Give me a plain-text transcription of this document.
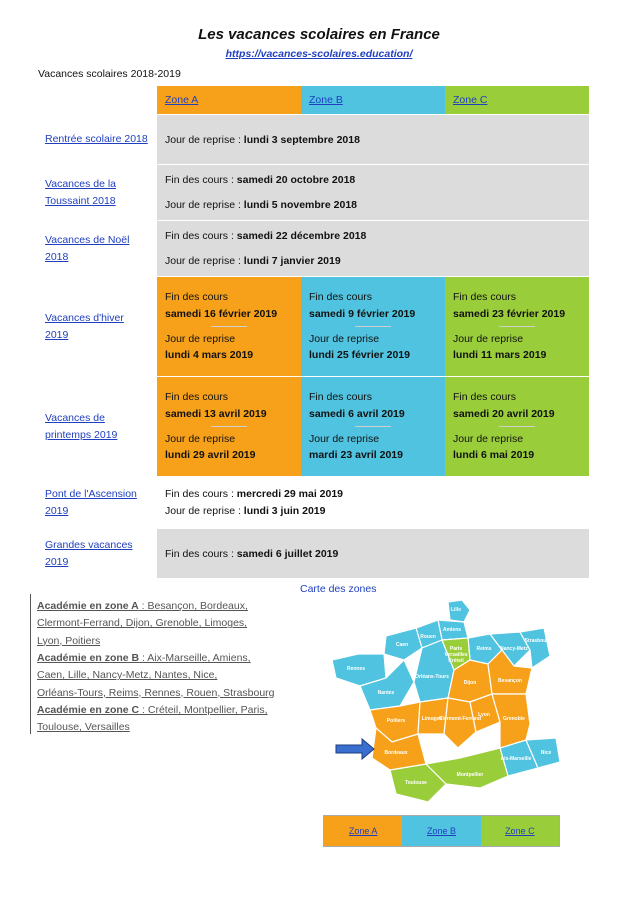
Les vacances scolaires en France
https://vacances-scolaires.education/
Vacances scolaires 2018-2019
	Zone A	Zone B	Zone C
Rentrée scolaire 2018	Jour de reprise : lundi 3 septembre 2018		
Vacances de la Toussaint 2018	Fin des cours : samedi 20 octobre 2018
Jour de reprise : lundi 5 novembre 2018		

Vacances de Noël 2018	Fin des cours : samedi 22 décembre 2018
Jour de reprise : lundi 7 janvier 2019		

Vacances d'hiver 2019	Fin des cours
samedi 16 février 2019
Jour de reprise
lundi 4 mars 2019	Fin des cours
samedi 9 février 2019
Jour de reprise
lundi 25 février 2019	Fin des cours
samedi 23 février 2019
Jour de reprise
lundi 11 mars 2019

Vacances de printemps 2019	Fin des cours
samedi 13 avril 2019
Jour de reprise
lundi 29 avril 2019	Fin des cours
samedi 6 avril 2019
Jour de reprise
mardi 23 avril 2019	Fin des cours
samedi 20 avril 2019
Jour de reprise
lundi 6 mai 2019

Pont de l'Ascension 2019	Fin des cours : mercredi 29 mai 2019
Jour de reprise : lundi 3 juin 2019		

Grandes vacances 2019	Fin des cours : samedi 6 juillet 2019		
Académie en zone A : Besançon, Bordeaux,
Clermont-Ferrand, Dijon, Grenoble, Limoges,
Lyon, Poitiers
Académie en zone B : Aix-Marseille, Amiens,
Caen, Lille, Nancy-Metz, Nantes, Nice,
Orléans-Tours, Reims, Rennes, Rouen, Strasbourg
Académie en zone C : Créteil, Montpellier, Paris,
Toulouse, Versailles
Carte des zones
Lille
Amiens
Rouen
Caen
Rennes
Nantes
Paris
Versailles
Créteil
Reims Nancy-Metz
Strasbourg
Orléans-Tours
Dijon	Besançon
Poitiers	Limoges
Clermont-Ferrand
Lyon
Grenoble
Bordeaux
Toulouse
Montpellier
Aix-Marseille
Nice
Zone A	Zone B	Zone C
